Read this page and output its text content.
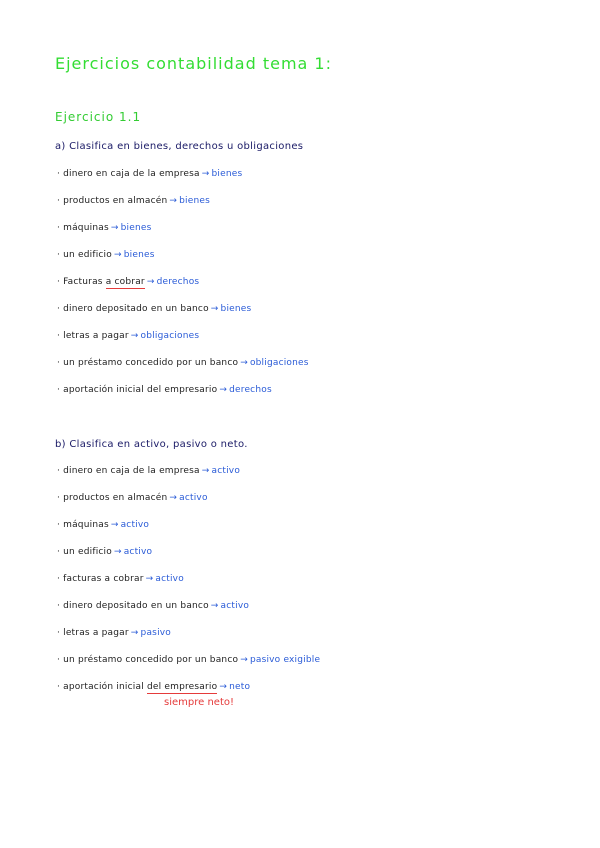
Ejercicios contabilidad tema 1:
Ejercicio 1.1
a) Clasifica en bienes, derechos u obligaciones
· dinero en caja de la empresa → bienes
· productos en almacén → bienes
· máquinas → bienes
· un edificio → bienes
· Facturas a cobrar → derechos
· dinero depositado en un banco → bienes
· letras a pagar → obligaciones
· un préstamo concedido por un banco → obligaciones
· aportación inicial del empresario → derechos
b) Clasifica en activo, pasivo o neto.
· dinero en caja de la empresa → activo
· productos en almacén → activo
· máquinas → activo
· un edificio → activo
· facturas a cobrar → activo
· dinero depositado en un banco → activo
· letras a pagar → pasivo
· un préstamo concedido por un banco → pasivo exigible
· aportación inicial del empresario → neto
siempre neto!
